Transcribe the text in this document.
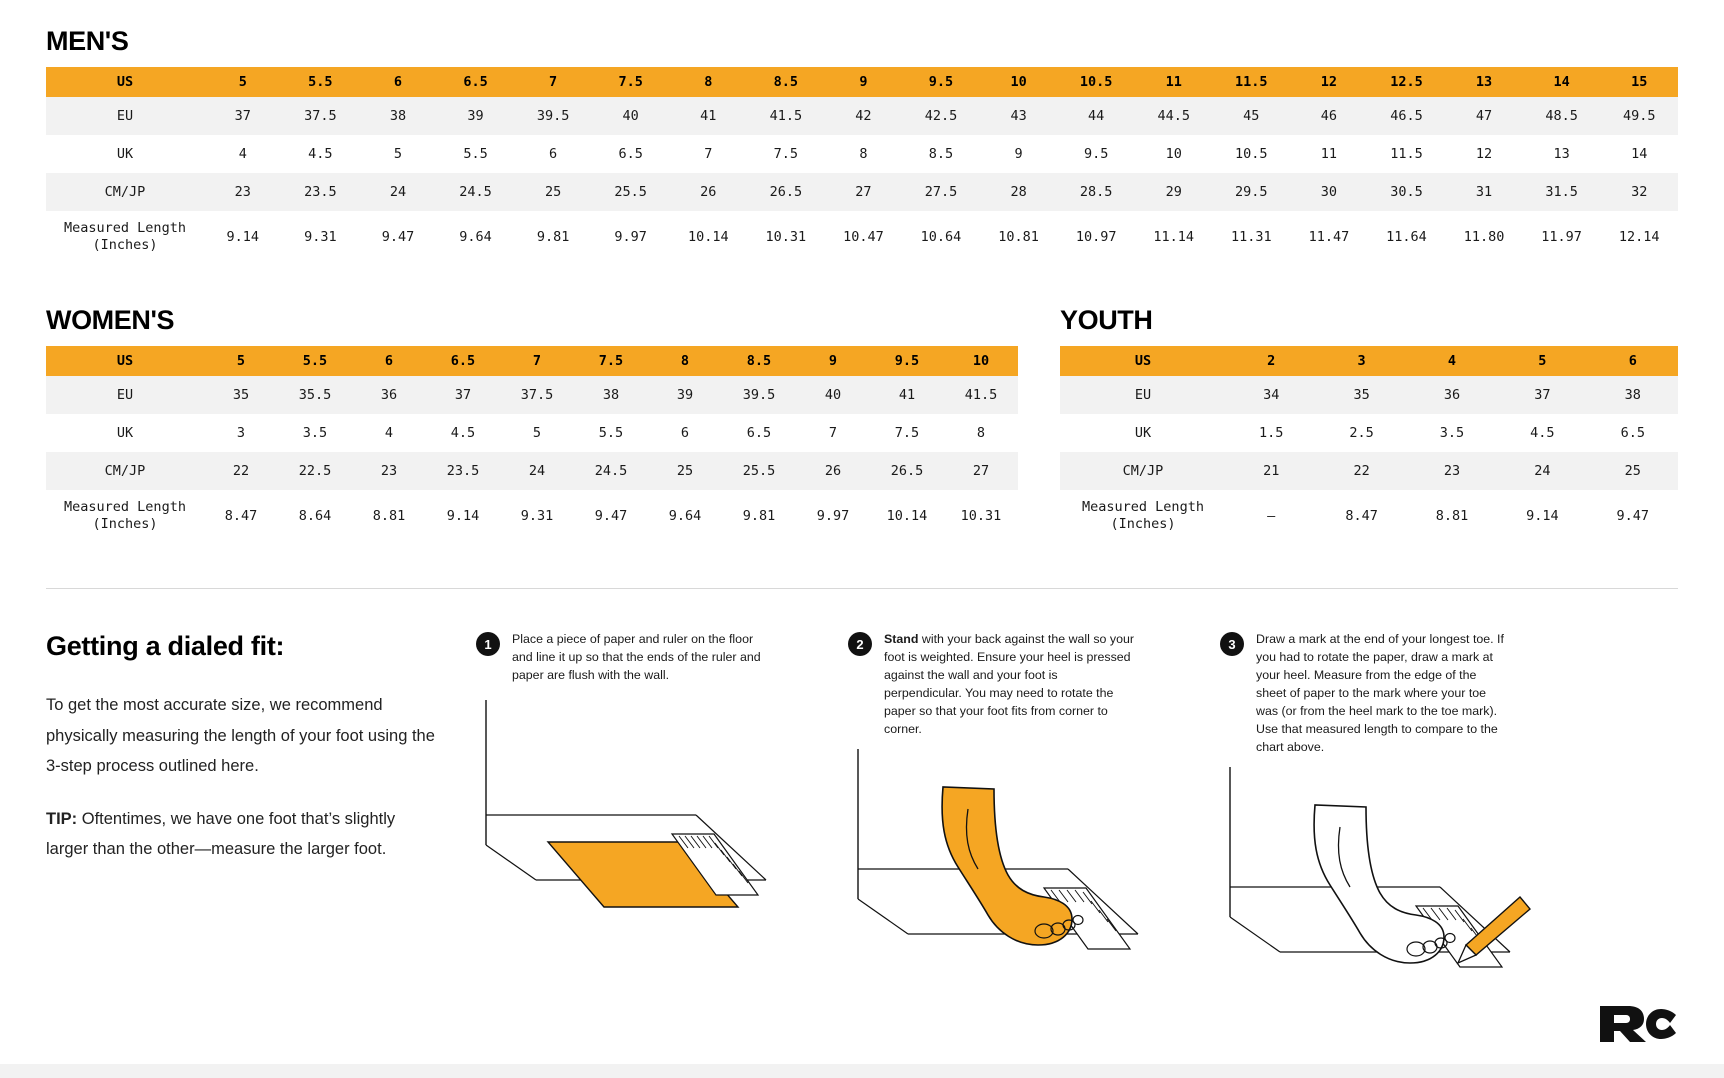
MEN'S
US	5	5.5	6	6.5	7	7.5	8	8.5	9	9.5	10	10.5	11	11.5	12	12.5	13	14	15
EU	37	37.5	38	39	39.5	40	41	41.5	42	42.5	43	44	44.5	45	46	46.5	47	48.5	49.5
UK	4	4.5	5	5.5	6	6.5	7	7.5	8	8.5	9	9.5	10	10.5	11	11.5	12	13	14
CM/JP	23	23.5	24	24.5	25	25.5	26	26.5	27	27.5	28	28.5	29	29.5	30	30.5	31	31.5	32

Measured Length
(Inches)	9.14	9.31	9.47	9.64	9.81	9.97	10.14	10.31	10.47	10.64	10.81	10.97	11.14	11.31	11.47	11.64	11.80	11.97	12.14
WOMEN'S
US	5	5.5	6	6.5	7	7.5	8	8.5	9	9.5	10
EU	35	35.5	36	37	37.5	38	39	39.5	40	41	41.5
UK	3	3.5	4	4.5	5	5.5	6	6.5	7	7.5	8
CM/JP	22	22.5	23	23.5	24	24.5	25	25.5	26	26.5	27

Measured Length
(Inches)	8.47	8.64	8.81	9.14	9.31	9.47	9.64	9.81	9.97	10.14	10.31
YOUTH
US	2	3	4	5	6
EU	34	35	36	37	38
UK	1.5	2.5	3.5	4.5	6.5
CM/JP	21	22	23	24	25

Measured Length
(Inches)	–	8.47	8.81	9.14	9.47
Getting a dialed fit:

To get the most accurate size, we recommend physically measuring the length of your foot using the 3-step process outlined here.

TIP: Oftentimes, we have one foot that’s slightly larger than the other—measure the larger foot.

1	Place a piece of paper and ruler on the floor and line it up so that the ends of the ruler and paper are flush with the wall.
2	Stand with your back against the wall so your foot is weighted. Ensure your heel is pressed against the wall and your foot is perpendicular. You may need to rotate the paper so that your foot fits from corner to corner.
3	Draw a mark at the end of your longest toe. If you had to rotate the paper, draw a mark at your heel. Measure from the edge of the sheet of paper to the mark where your toe was (or from the heel mark to the toe mark). Use that measured length to compare to the chart above.
